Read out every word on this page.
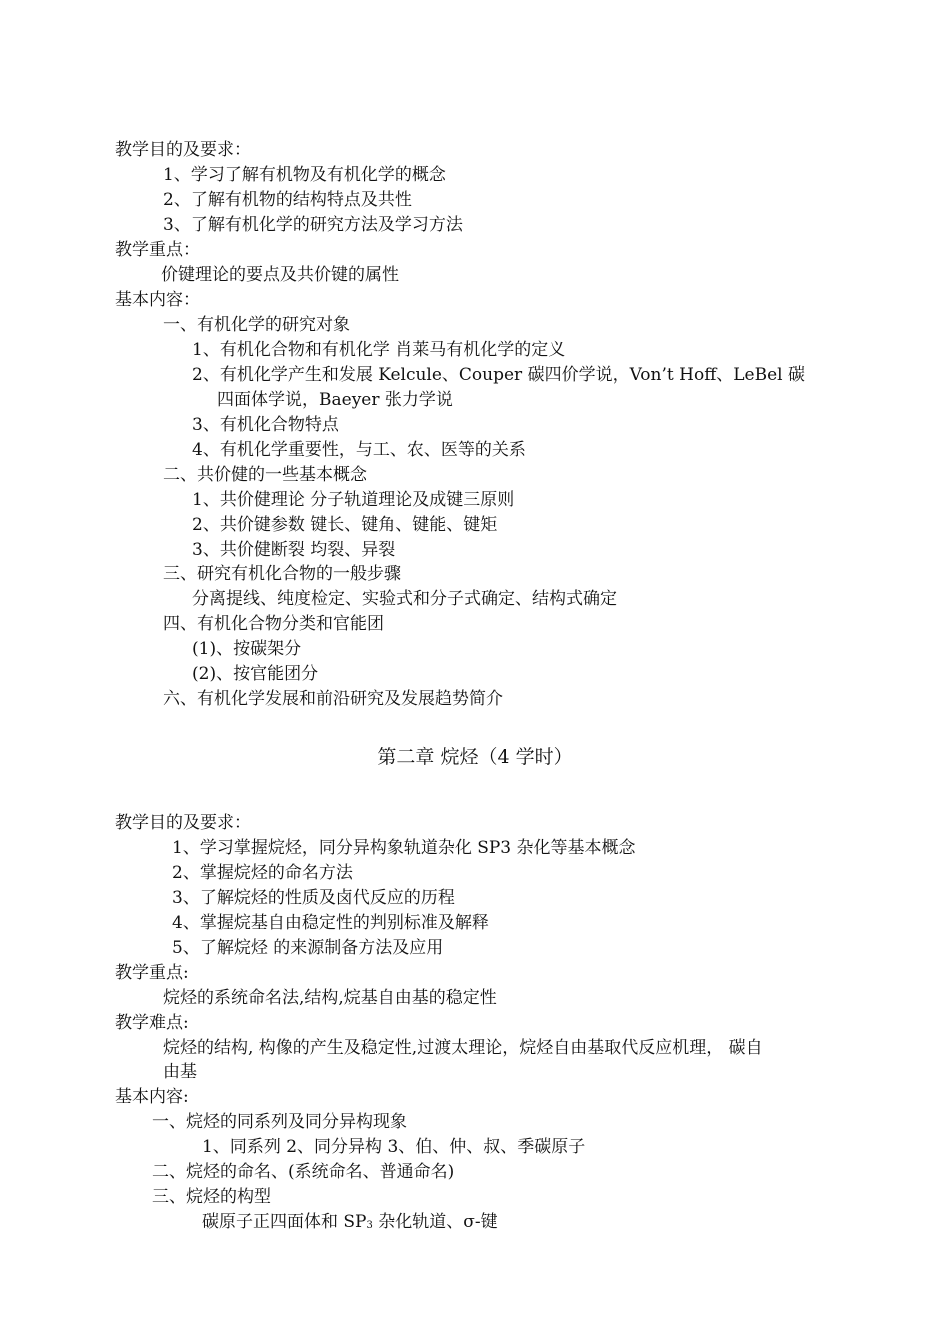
教学目的及要求：
1、学习了解有机物及有机化学的概念
2、了解有机物的结构特点及共性
3、了解有机化学的研究方法及学习方法
教学重点：
价键理论的要点及共价键的属性
基本内容：
一、有机化学的研究对象
1、有机化合物和有机化学 肖莱马有机化学的定义
2、有机化学产生和发展 Kelcule、Couper 碳四价学说，Von’t Hoff、LeBel 碳
四面体学说，Baeyer 张力学说
3、有机化合物特点
4、有机化学重要性，与工、农、医等的关系
二、共价健的一些基本概念
1、共价健理论 分子轨道理论及成键三原则
2、共价键参数 键长、键角、键能、键矩
3、共价健断裂 均裂、异裂
三、研究有机化合物的一般步骤
分离提线、纯度检定、实验式和分子式确定、结构式确定
四、有机化合物分类和官能团
(1)、按碳架分
(2)、按官能团分
六、有机化学发展和前沿研究及发展趋势简介
第二章 烷烃（4 学时）
教学目的及要求：
1、学习掌握烷烃，同分异构象轨道杂化 SP3 杂化等基本概念
2、掌握烷烃的命名方法
3、了解烷烃的性质及卤代反应的历程
4、掌握烷基自由稳定性的判别标准及解释
5、了解烷烃 的来源制备方法及应用
教学重点:
烷烃的系统命名法,结构,烷基自由基的稳定性
教学难点:
烷烃的结构, 构像的产生及稳定性,过渡太理论，烷烃自由基取代反应机理， 碳自
由基
基本内容:
一、烷烃的同系列及同分异构现象
1、同系列 2、同分异构 3、伯、仲、叔、季碳原子
二、烷烃的命名、(系统命名、普通命名)
三、烷烃的构型
碳原子正四面体和 $SP_3$ 杂化轨道、σ-键
